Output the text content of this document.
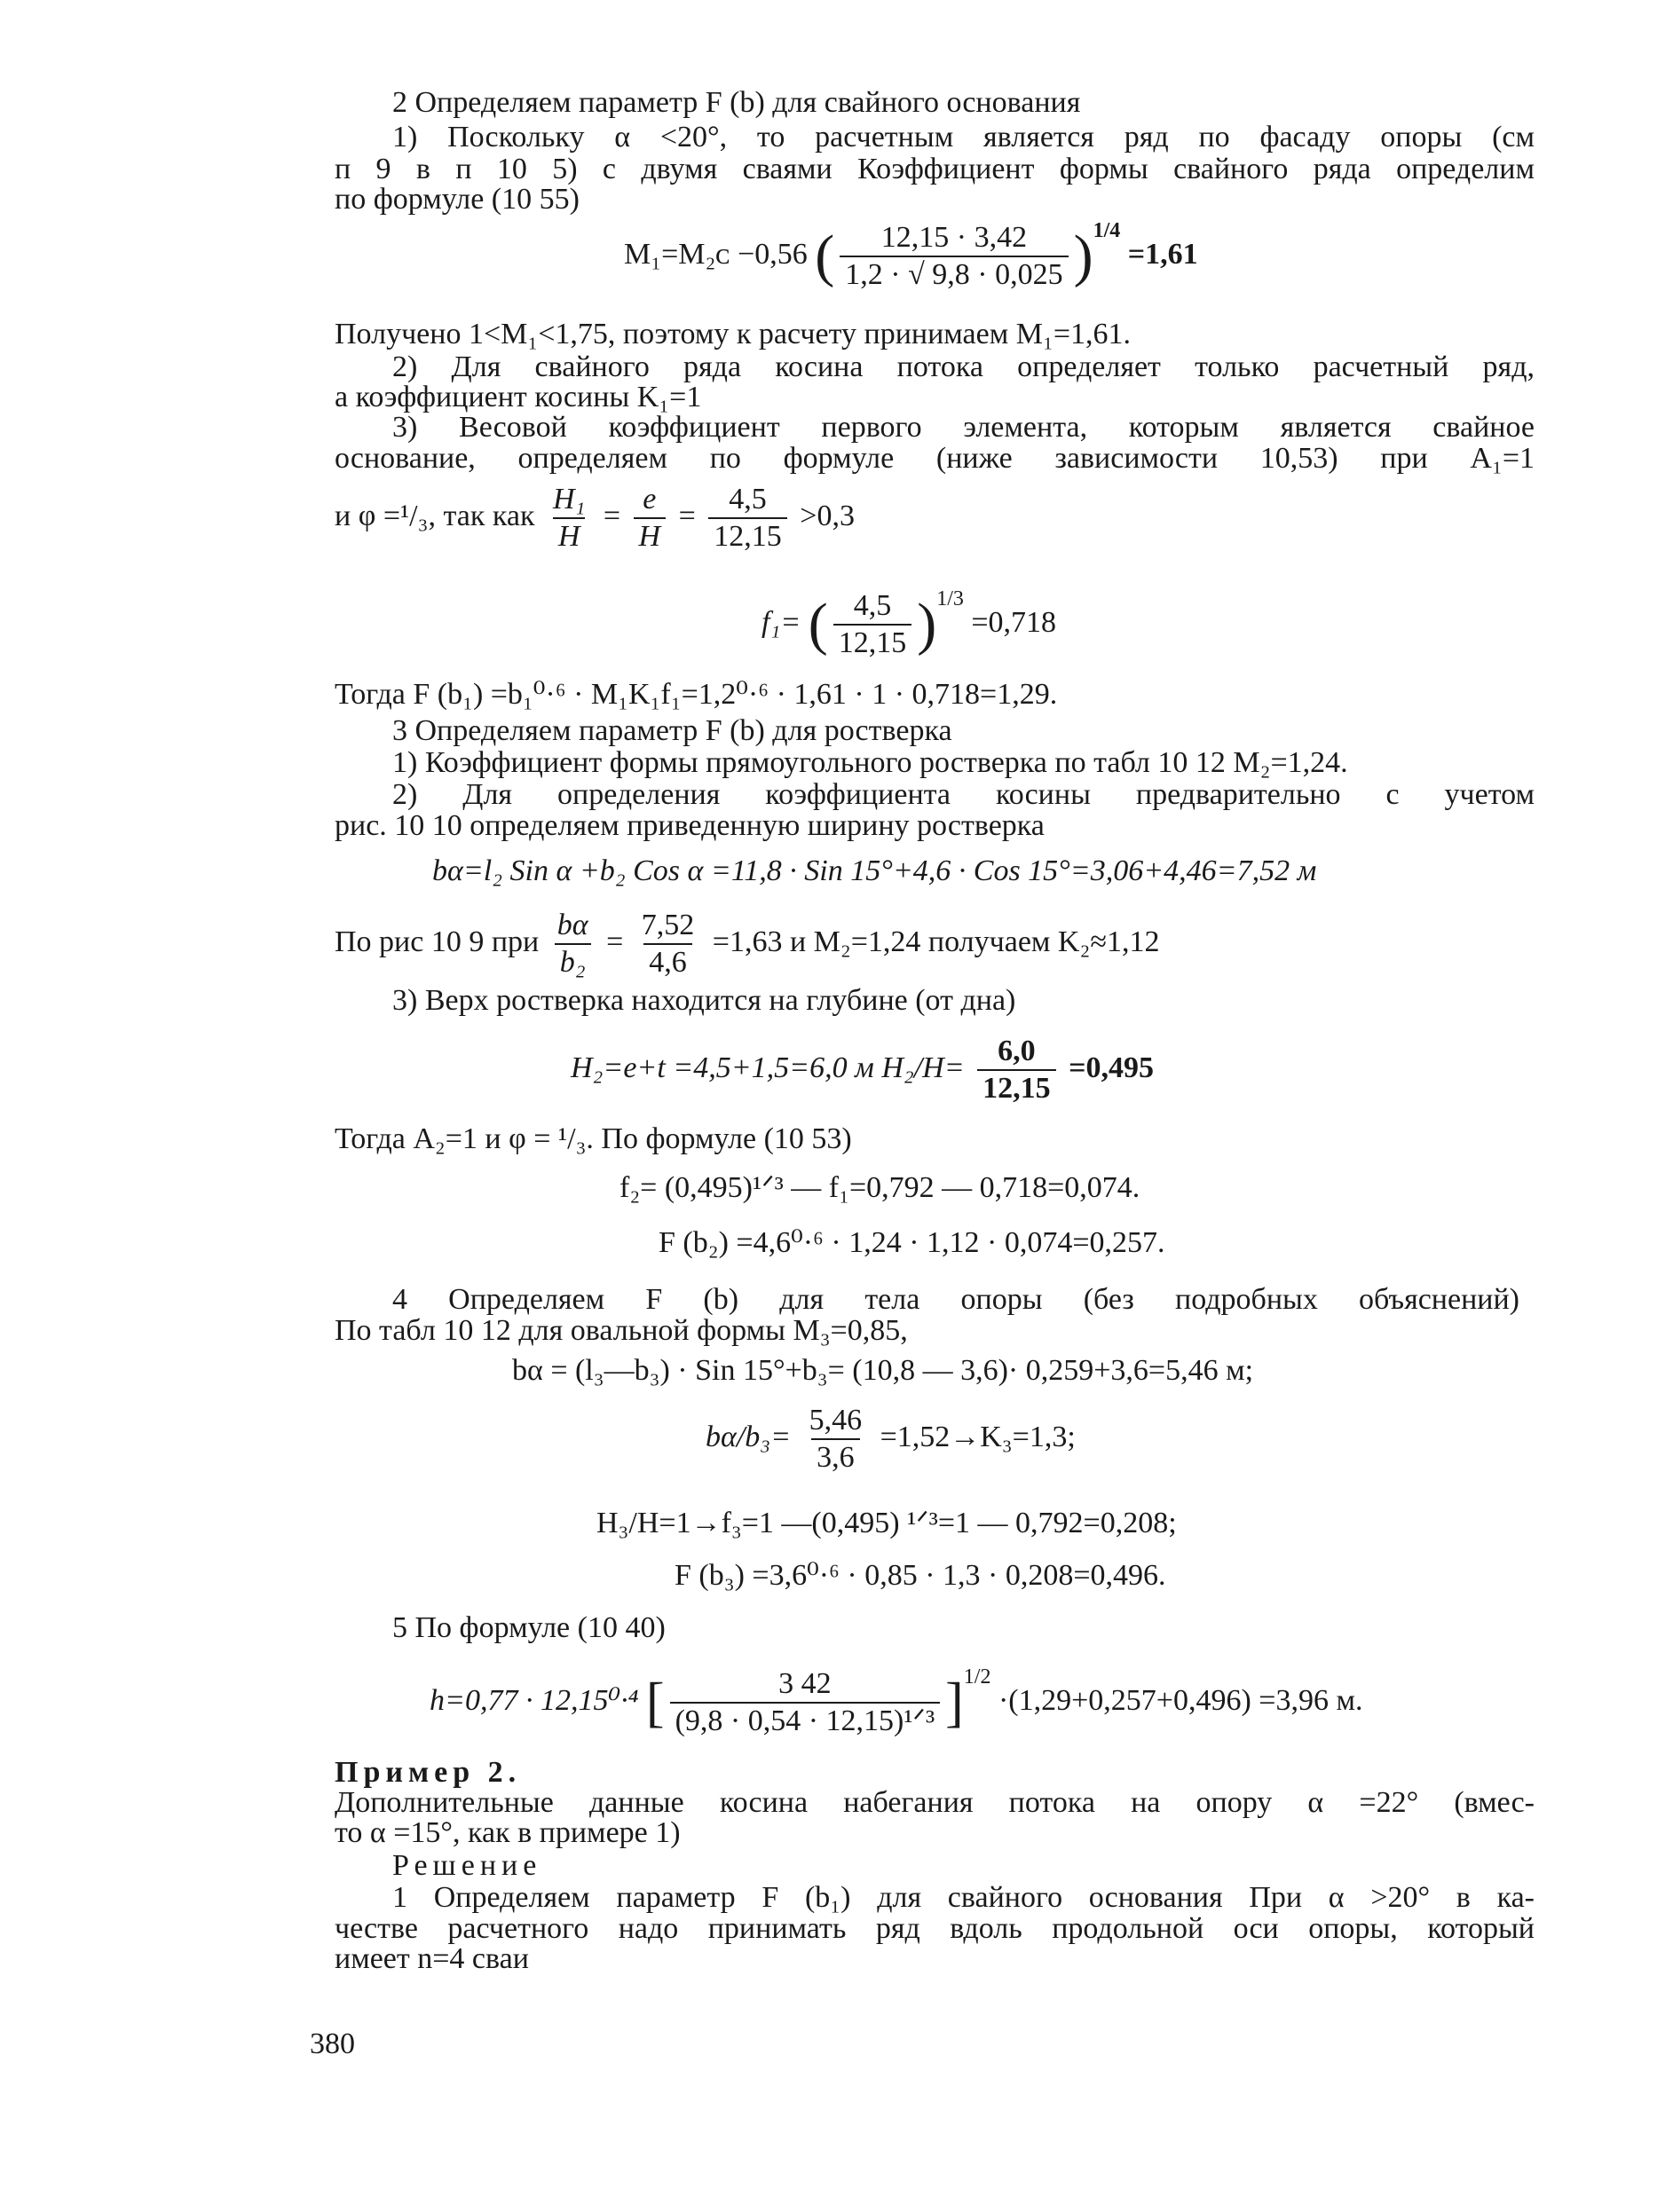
2 Определяем параметр F (b) для свайного основания
1) Поскольку α <20°, то расчетным является ряд по фасаду опоры (см
п 9 в п 10 5) с двумя сваями Коэффициент формы свайного ряда определим
по формуле (10 55)
M₁=M₂ᴄ −0,56 ( $\frac{12,15 \cdot 3,42}{1,2 \cdot √ 9,8 \cdot 0,025} )^{1/4} =1,61$
Получено 1<M₁<1,75, поэтому к расчету принимаем M₁=1,61.
2) Для свайного ряда косина потока определяет только расчетный ряд,
а коэффициент косины K₁=1
3) Весовой коэффициент первого элемента, которым является свайное
основание, определяем по формуле (ниже зависимости 10,53) при A₁=1
и φ =¹/₃, так как $\frac{\text{H₁}}{H} = \frac{e}{H} = \frac{4,5}{12,15} >0,3$
f₁= ( $\frac{4,5}{12,15} )^{1/3} =0,718$
Тогда F (b₁) =b₁⁰·⁶ · M₁K₁f₁=1,2⁰·⁶ · 1,61 · 1 · 0,718=1,29.
3 Определяем параметр F (b) для ростверка
1) Коэффициент формы прямоугольного ростверка по табл 10 12 M₂=1,24.
2) Для определения коэффициента косины предварительно с учетом
рис. 10 10 определяем приведенную ширину ростверка
bα=l₂ Sin α +b₂ Cos α =11,8 · Sin 15°+4,6 · Cos 15°=3,06+4,46=7,52 м
По рис 10 9 при $\frac{b\alpha}{\text{b₂}} = \frac{7,52}{4,6} =1,63$ и M₂=1,24 получаем K₂≈1,12
3) Верх ростверка находится на глубине (от дна)
H₂=e+t =4,5+1,5=6,0 м $H_2/H= \frac{6,0}{12,15} =0,495$
Тогда A₂=1 и φ = ¹/₃. По формуле (10 53)
f₂= (0,495)¹ᐟ³ — f₁=0,792 — 0,718=0,074.
F (b₂) =4,6⁰·⁶ · 1,24 · 1,12 · 0,074=0,257.
4 Определяем F (b) для тела опоры (без подробных объяснений)
По табл 10 12 для овальной формы M₃=0,85,
bα = (l₃—b₃) · Sin 15°+b₃= (10,8 — 3,6)· 0,259+3,6=5,46 м;
$b\alpha/b_3= \frac{5,46}{3,6} =1,52\to K_3=1,3$;
H₃/H=1→f₃=1 —(0,495) ¹ᐟ³=1 — 0,792=0,208;
F (b₃) =3,6⁰·⁶ · 0,85 · 1,3 · 0,208=0,496.
5 По формуле (10 40)
h=0,77 · 12,15⁰·⁴ [ $\frac{3 42}{\text{(9,8 · 0,54 · 12,15)¹ᐟ³}} ]^{1/2} \cdot(1,29+0,257+0,496) =3,96$ м.
Пример 2.
Дополнительные данные косина набегания потока на опору α =22° (вмес-
то α =15°, как в примере 1)
Решение
1 Определяем параметр F (b₁) для свайного основания При α >20° в ка-
честве расчетного надо принимать ряд вдоль продольной оси опоры, который
имеет n=4 сваи
380
